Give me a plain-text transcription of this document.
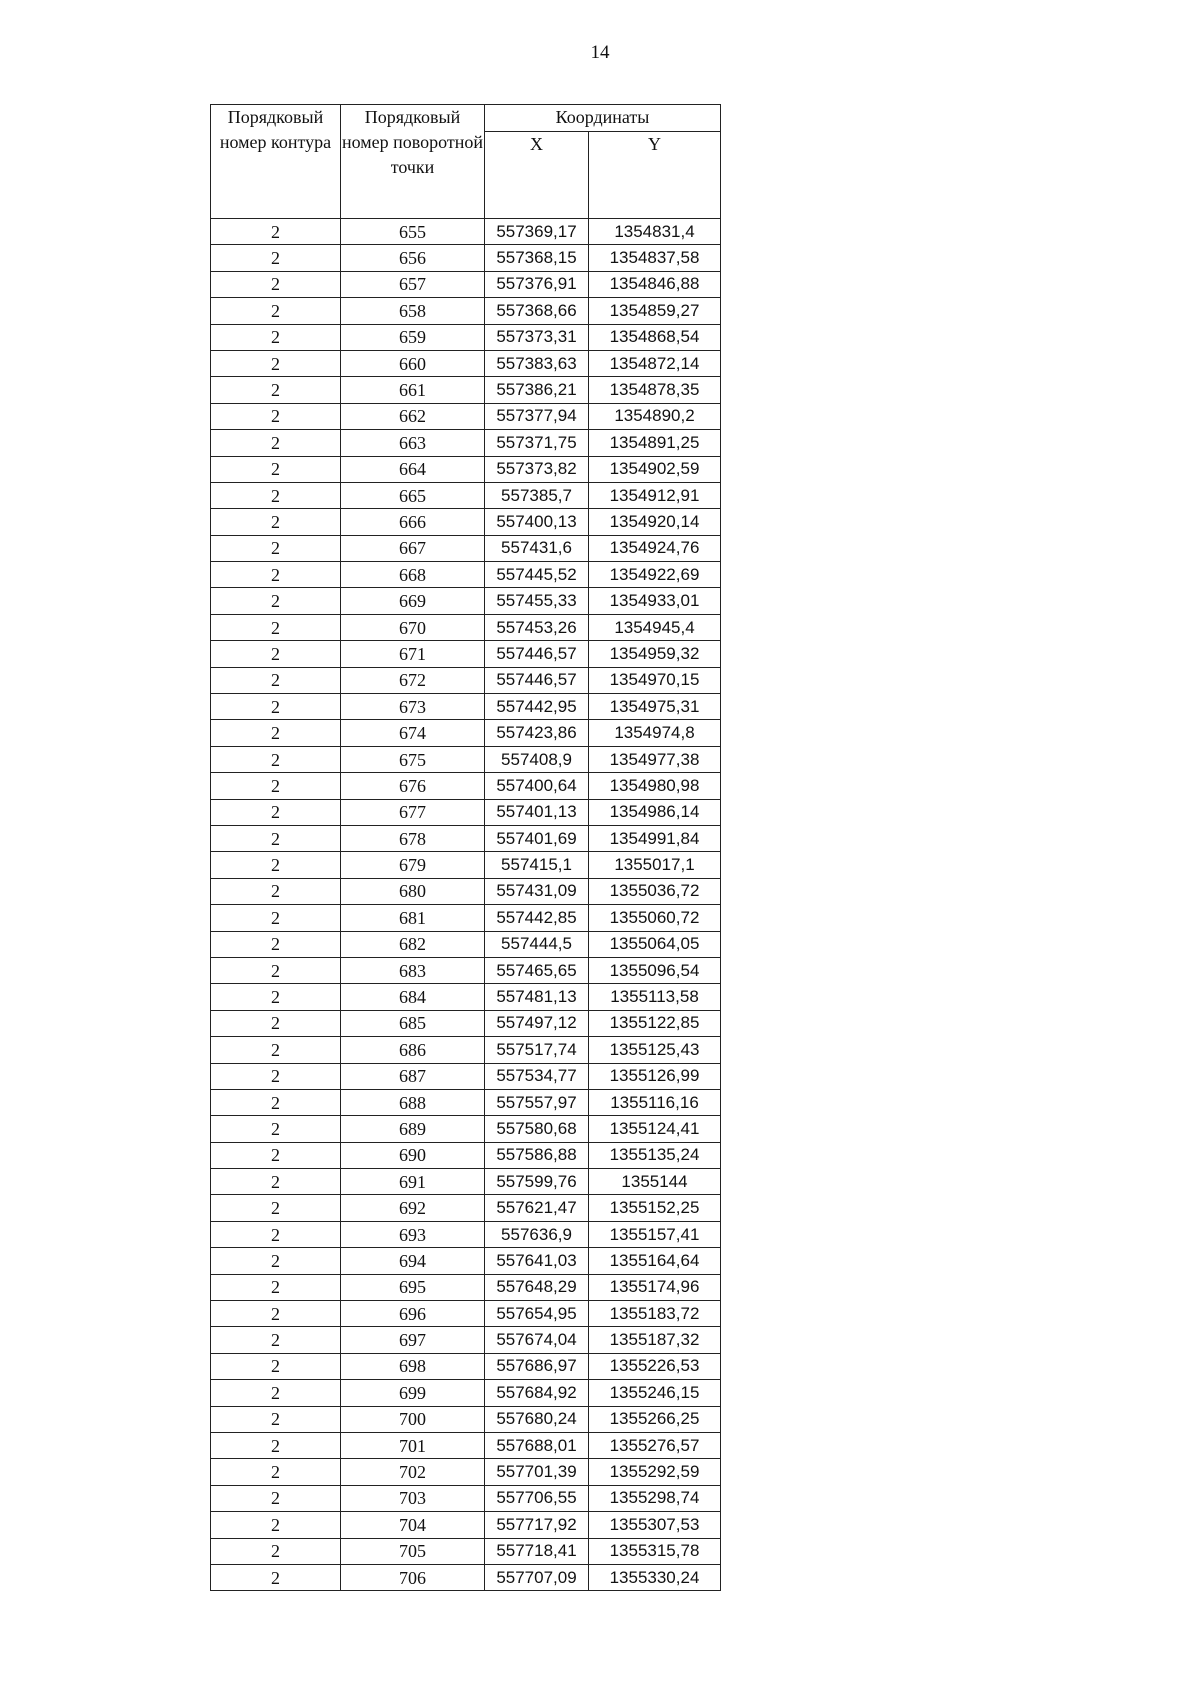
14
Порядковый номер контура	Порядковый номер поворотной точки	Координаты	
		X	Y
2	655	557369,17	1354831,4
2	656	557368,15	1354837,58
2	657	557376,91	1354846,88
2	658	557368,66	1354859,27
2	659	557373,31	1354868,54
2	660	557383,63	1354872,14
2	661	557386,21	1354878,35
2	662	557377,94	1354890,2
2	663	557371,75	1354891,25
2	664	557373,82	1354902,59
2	665	557385,7	1354912,91
2	666	557400,13	1354920,14
2	667	557431,6	1354924,76
2	668	557445,52	1354922,69
2	669	557455,33	1354933,01
2	670	557453,26	1354945,4
2	671	557446,57	1354959,32
2	672	557446,57	1354970,15
2	673	557442,95	1354975,31
2	674	557423,86	1354974,8
2	675	557408,9	1354977,38
2	676	557400,64	1354980,98
2	677	557401,13	1354986,14
2	678	557401,69	1354991,84
2	679	557415,1	1355017,1
2	680	557431,09	1355036,72
2	681	557442,85	1355060,72
2	682	557444,5	1355064,05
2	683	557465,65	1355096,54
2	684	557481,13	1355113,58
2	685	557497,12	1355122,85
2	686	557517,74	1355125,43
2	687	557534,77	1355126,99
2	688	557557,97	1355116,16
2	689	557580,68	1355124,41
2	690	557586,88	1355135,24
2	691	557599,76	1355144
2	692	557621,47	1355152,25
2	693	557636,9	1355157,41
2	694	557641,03	1355164,64
2	695	557648,29	1355174,96
2	696	557654,95	1355183,72
2	697	557674,04	1355187,32
2	698	557686,97	1355226,53
2	699	557684,92	1355246,15
2	700	557680,24	1355266,25
2	701	557688,01	1355276,57
2	702	557701,39	1355292,59
2	703	557706,55	1355298,74
2	704	557717,92	1355307,53
2	705	557718,41	1355315,78
2	706	557707,09	1355330,24
